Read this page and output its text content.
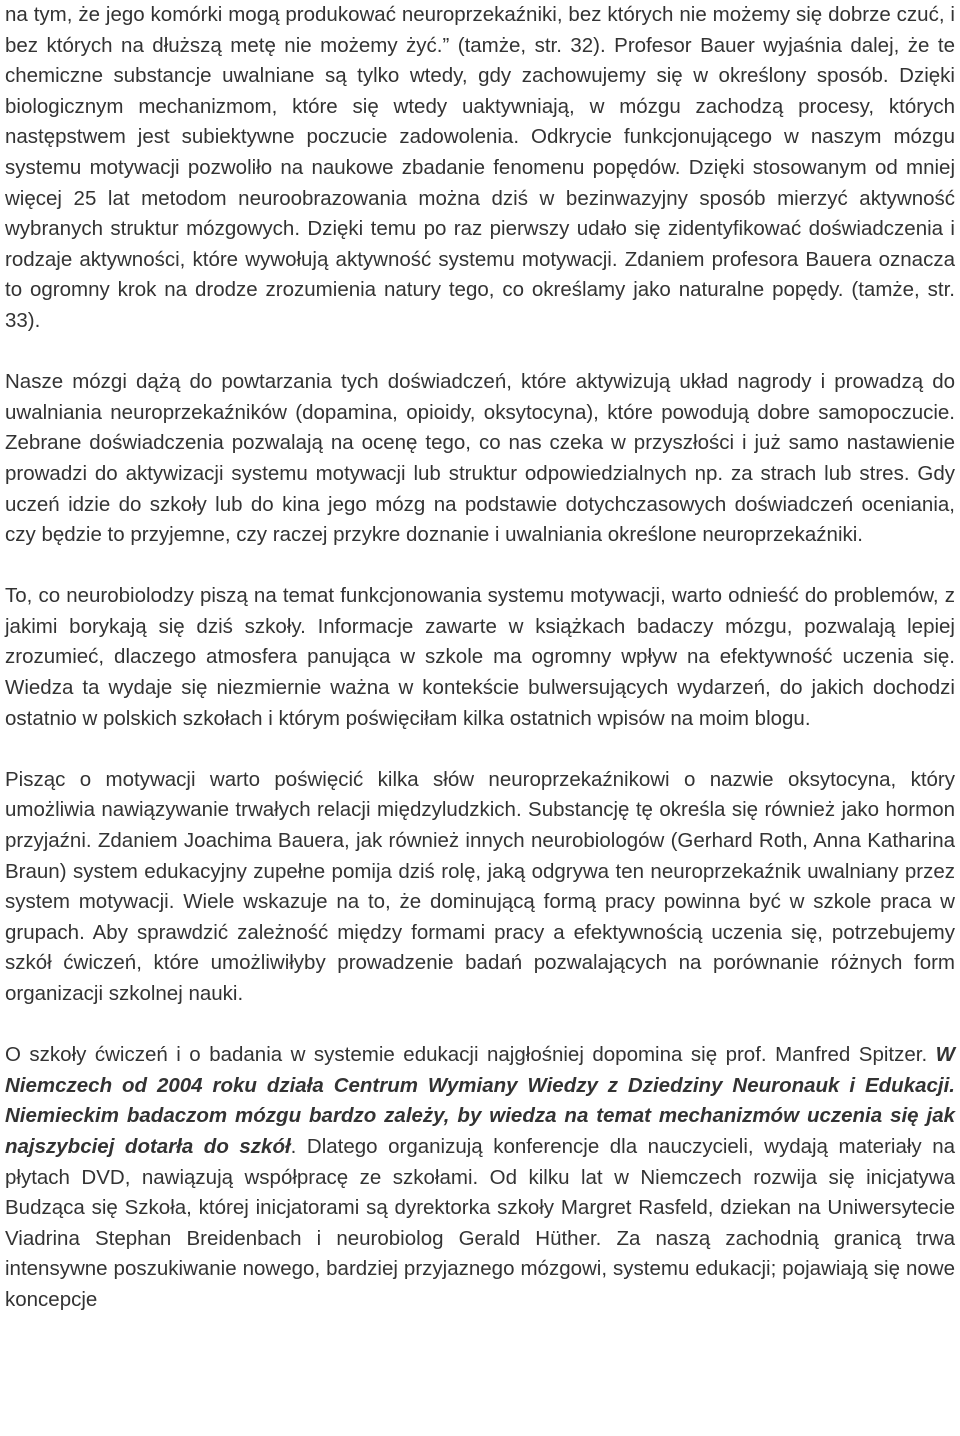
na tym, że jego komórki mogą produkować neuroprzekaźniki, bez których nie możemy się dobrze czuć, i bez których na dłuższą metę nie możemy żyć.” (tamże, str. 32). Profesor Bauer wyjaśnia dalej, że te chemiczne substancje uwalniane są tylko wtedy, gdy zachowujemy się w określony sposób. Dzięki biologicznym mechanizmom, które się wtedy uaktywniają, w mózgu zachodzą procesy, których następstwem jest subiektywne poczucie zadowolenia. Odkrycie funkcjonującego w naszym mózgu systemu motywacji pozwoliło na naukowe zbadanie fenomenu popędów. Dzięki stosowanym od mniej więcej 25 lat metodom neuroobrazowania można dziś w bezinwazyjny sposób mierzyć aktywność wybranych struktur mózgowych. Dzięki temu po raz pierwszy udało się zidentyfikować doświadczenia i rodzaje aktywności, które wywołują aktywność systemu motywacji. Zdaniem profesora Bauera oznacza to ogromny krok na drodze zrozumienia natury tego, co określamy jako naturalne popędy. (tamże, str. 33).

Nasze mózgi dążą do powtarzania tych doświadczeń, które aktywizują układ nagrody i prowadzą do uwalniania neuroprzekaźników (dopamina, opioidy, oksytocyna), które powodują dobre samopoczucie. Zebrane doświadczenia pozwalają na ocenę tego, co nas czeka w przyszłości i już samo nastawienie prowadzi do aktywizacji systemu motywacji lub struktur odpowiedzialnych np. za strach lub stres. Gdy uczeń idzie do szkoły lub do kina jego mózg na podstawie dotychczasowych doświadczeń oceniania, czy będzie to przyjemne, czy raczej przykre doznanie i uwalniania określone neuroprzekaźniki.

To, co neurobiolodzy piszą na temat funkcjonowania systemu motywacji, warto odnieść do problemów, z jakimi borykają się dziś szkoły. Informacje zawarte w książkach badaczy mózgu, pozwalają lepiej zrozumieć, dlaczego atmosfera panująca w szkole ma ogromny wpływ na efektywność uczenia się. Wiedza ta wydaje się niezmiernie ważna w kontekście bulwersujących wydarzeń, do jakich dochodzi ostatnio w polskich szkołach i którym poświęciłam kilka ostatnich wpisów na moim blogu.

Pisząc o motywacji warto poświęcić kilka słów neuroprzekaźnikowi o nazwie oksytocyna, który umożliwia nawiązywanie trwałych relacji międzyludzkich. Substancję tę określa się również jako hormon przyjaźni. Zdaniem Joachima Bauera, jak również innych neurobiologów (Gerhard Roth, Anna Katharina Braun) system edukacyjny zupełne pomija dziś rolę, jaką odgrywa ten neuroprzekaźnik uwalniany przez system motywacji. Wiele wskazuje na to, że dominującą formą pracy powinna być w szkole praca w grupach. Aby sprawdzić zależność między formami pracy a efektywnością uczenia się, potrzebujemy szkół ćwiczeń, które umożliwiłyby prowadzenie badań pozwalających na porównanie różnych form organizacji szkolnej nauki.

O szkoły ćwiczeń i o badania w systemie edukacji najgłośniej dopomina się prof. Manfred Spitzer. W Niemczech od 2004 roku działa Centrum Wymiany Wiedzy z Dziedziny Neuronauk i Edukacji. Niemieckim badaczom mózgu bardzo zależy, by wiedza na temat mechanizmów uczenia się jak najszybciej dotarła do szkół. Dlatego organizują konferencje dla nauczycieli, wydają materiały na płytach DVD, nawiązują współpracę ze szkołami. Od kilku lat w Niemczech rozwija się inicjatywa Budząca się Szkoła, której inicjatorami są dyrektorka szkoły Margret Rasfeld, dziekan na Uniwersytecie Viadrina Stephan Breidenbach i neurobiolog Gerald Hüther. Za naszą zachodnią granicą trwa intensywne poszukiwanie nowego, bardziej przyjaznego mózgowi, systemu edukacji; pojawiają się nowe koncepcje
